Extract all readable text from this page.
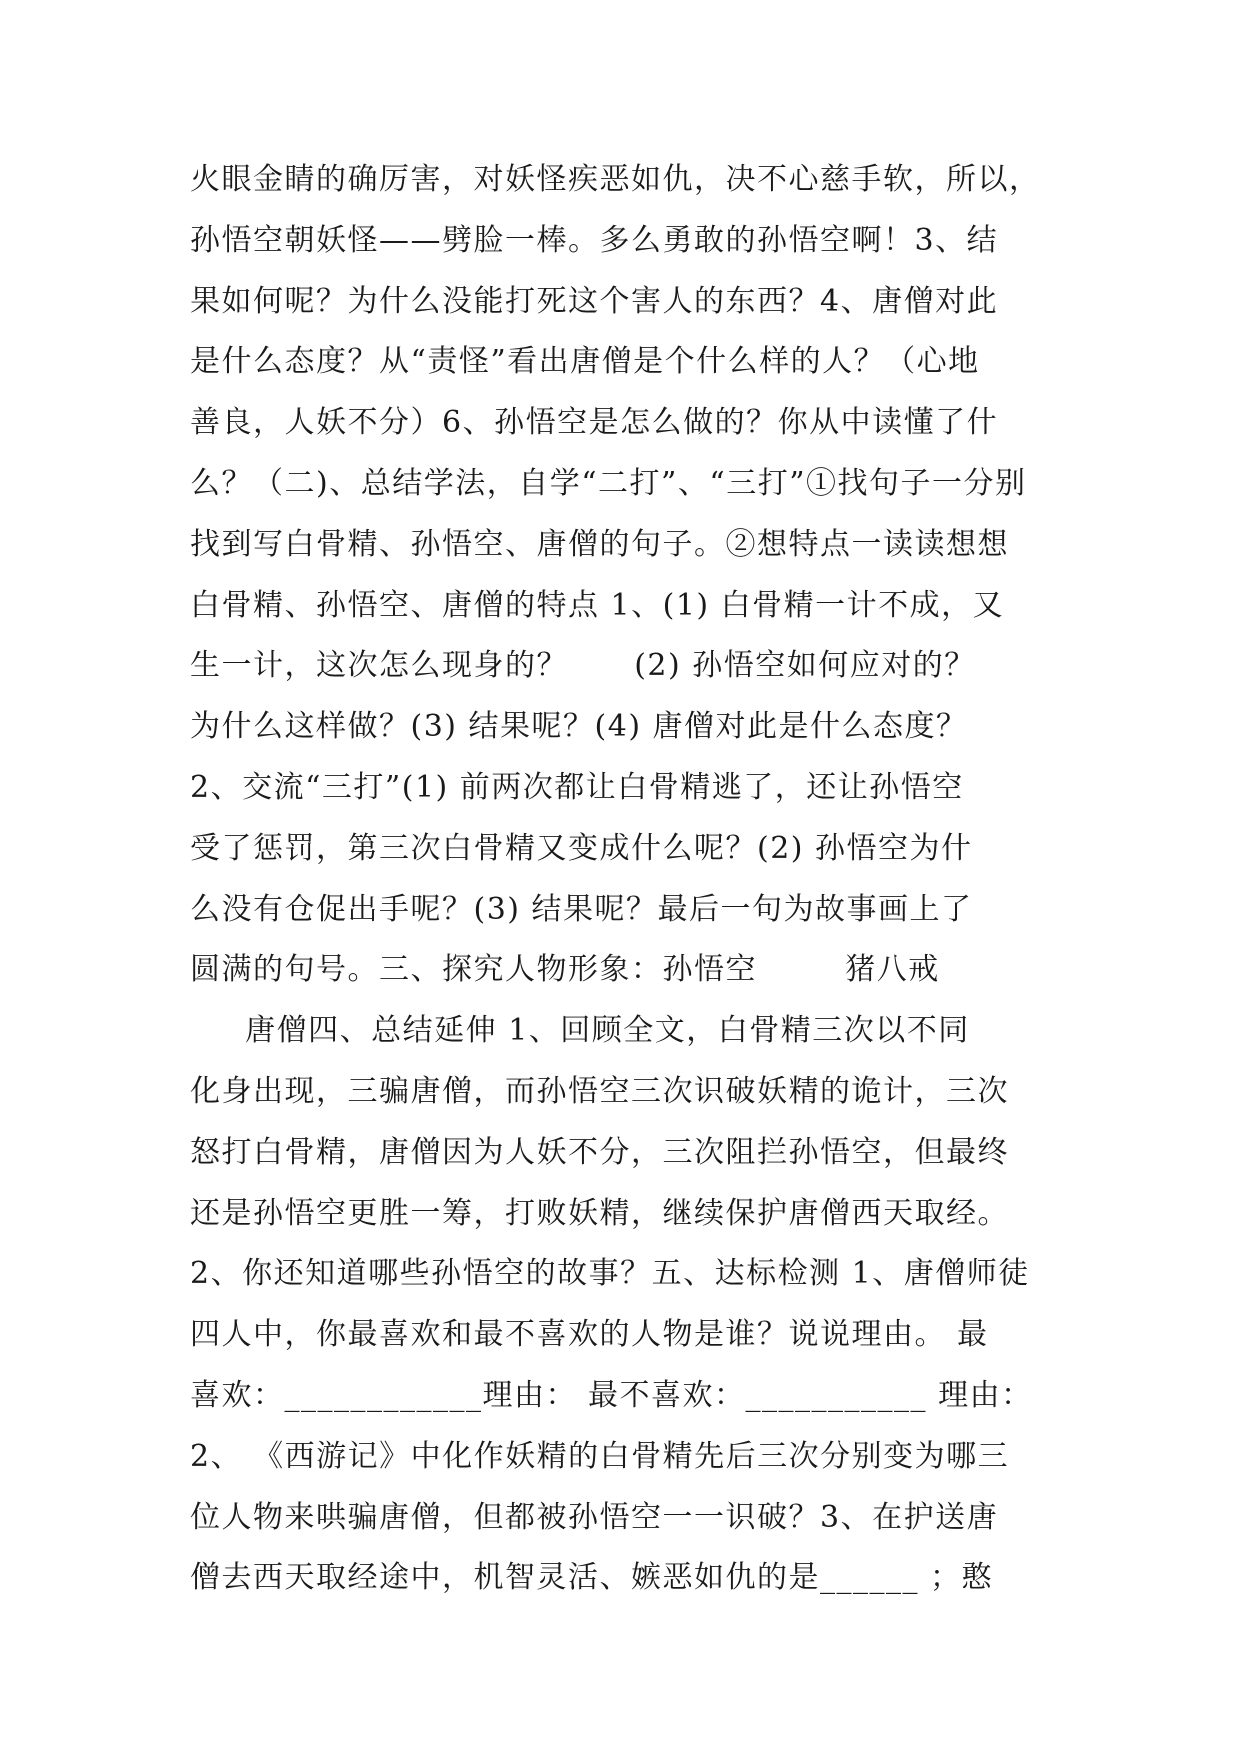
火眼金睛的确厉害，对妖怪疾恶如仇，决不心慈手软，所以，
孙悟空朝妖怪——劈脸一棒。多么勇敢的孙悟空啊！3、结
果如何呢？为什么没能打死这个害人的东西？4、唐僧对此
是什么态度？从“责怪”看出唐僧是个什么样的人？（心地
善良，人妖不分）6、孙悟空是怎么做的？你从中读懂了什
么？（二)、总结学法，自学“二打”、“三打”①找句子一分别
找到写白骨精、孙悟空、唐僧的句子。②想特点一读读想想
白骨精、孙悟空、唐僧的特点 1、(1) 白骨精一计不成，又
生一计，这次怎么现身的？      (2) 孙悟空如何应对的？
为什么这样做？(3) 结果呢？(4) 唐僧对此是什么态度？
2、交流“三打”(1) 前两次都让白骨精逃了，还让孙悟空
受了惩罚，第三次白骨精又变成什么呢？(2) 孙悟空为什
么没有仓促出手呢？(3) 结果呢？最后一句为故事画上了
圆满的句号。三、探究人物形象：孙悟空        猪八戒
唐僧四、总结延伸 1、回顾全文，白骨精三次以不同
化身出现，三骗唐僧，而孙悟空三次识破妖精的诡计，三次
怒打白骨精，唐僧因为人妖不分，三次阻拦孙悟空，但最终
还是孙悟空更胜一筹，打败妖精，继续保护唐僧西天取经。
2、你还知道哪些孙悟空的故事？五、达标检测 1、唐僧师徒
四人中，你最喜欢和最不喜欢的人物是谁？说说理由。 最
喜欢：____________理由： 最不喜欢：___________ 理由：
2、 《西游记》中化作妖精的白骨精先后三次分别变为哪三
位人物来哄骗唐僧，但都被孙悟空一一识破？3、在护送唐
僧去西天取经途中，机智灵活、嫉恶如仇的是______ ；憨
